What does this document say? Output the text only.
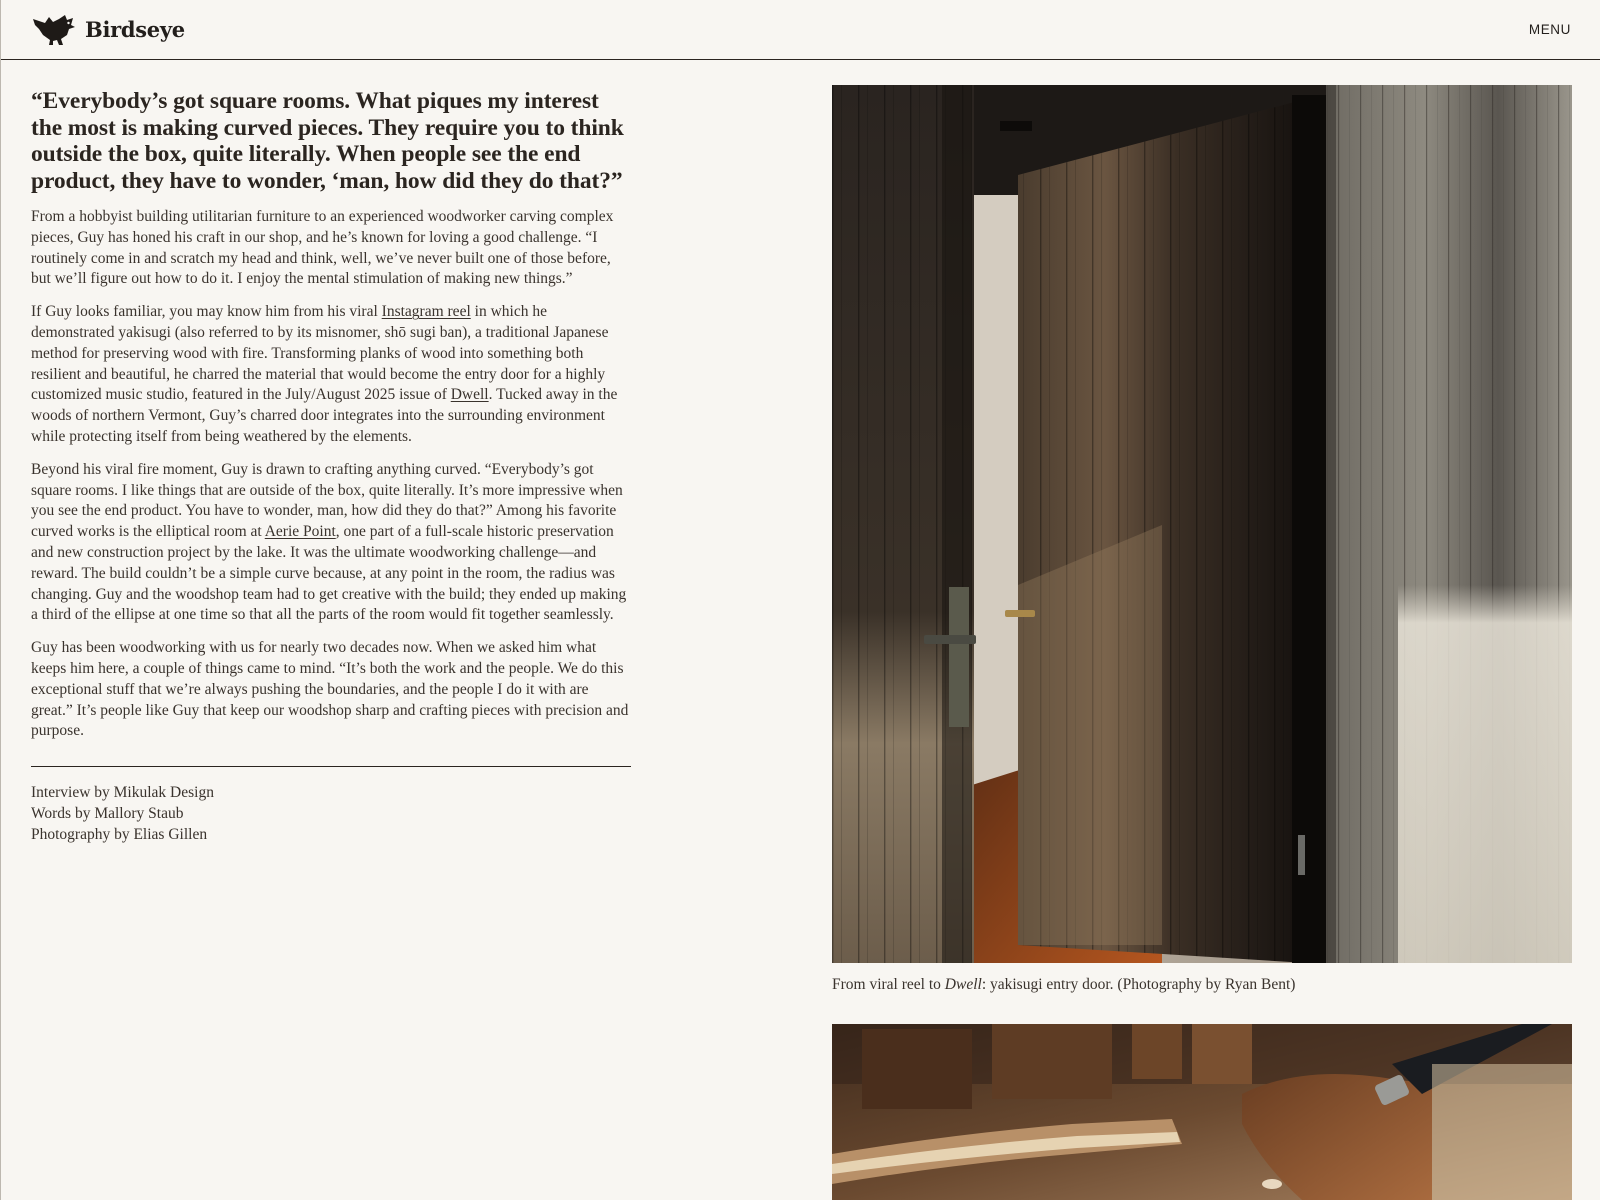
Birdseye	MENU
“Everybody’s got square rooms. What piques my interest the most is making curved pieces. They require you to think outside the box, quite literally. When people see the end product, they have to wonder, ‘man, how did they do that?”

From a hobbyist building utilitarian furniture to an experienced woodworker carving complex pieces, Guy has honed his craft in our shop, and he’s known for loving a good challenge. “I routinely come in and scratch my head and think, well, we’ve never built one of those before, but we’ll figure out how to do it. I enjoy the mental stimulation of making new things.”

If Guy looks familiar, you may know him from his viral Instagram reel in which he demonstrated yakisugi (also referred to by its misnomer, shō sugi ban), a traditional Japanese method for preserving wood with fire. Transforming planks of wood into something both resilient and beautiful, he charred the material that would become the entry door for a highly customized music studio, featured in the July/August 2025 issue of Dwell. Tucked away in the woods of northern Vermont, Guy’s charred door integrates into the surrounding environment while protecting itself from being weathered by the elements.

Beyond his viral fire moment, Guy is drawn to crafting anything curved. “Everybody’s got square rooms. I like things that are outside of the box, quite literally. It’s more impressive when you see the end product. You have to wonder, man, how did they do that?” Among his favorite curved works is the elliptical room at Aerie Point, one part of a full-scale historic preservation and new construction project by the lake. It was the ultimate woodworking challenge—and reward. The build couldn’t be a simple curve because, at any point in the room, the radius was changing. Guy and the woodshop team had to get creative with the build; they ended up making a third of the ellipse at one time so that all the parts of the room would fit together seamlessly.

Guy has been woodworking with us for nearly two decades now. When we asked him what keeps him here, a couple of things came to mind. “It’s both the work and the people. We do this exceptional stuff that we’re always pushing the boundaries, and the people I do it with are great.” It’s people like Guy that keep our woodshop sharp and crafting pieces with precision and purpose.

Interview by Mikulak Design
Words by Mallory Staub
Photography by Elias Gillen
From viral reel to Dwell: yakisugi entry door. (Photography by Ryan Bent)
